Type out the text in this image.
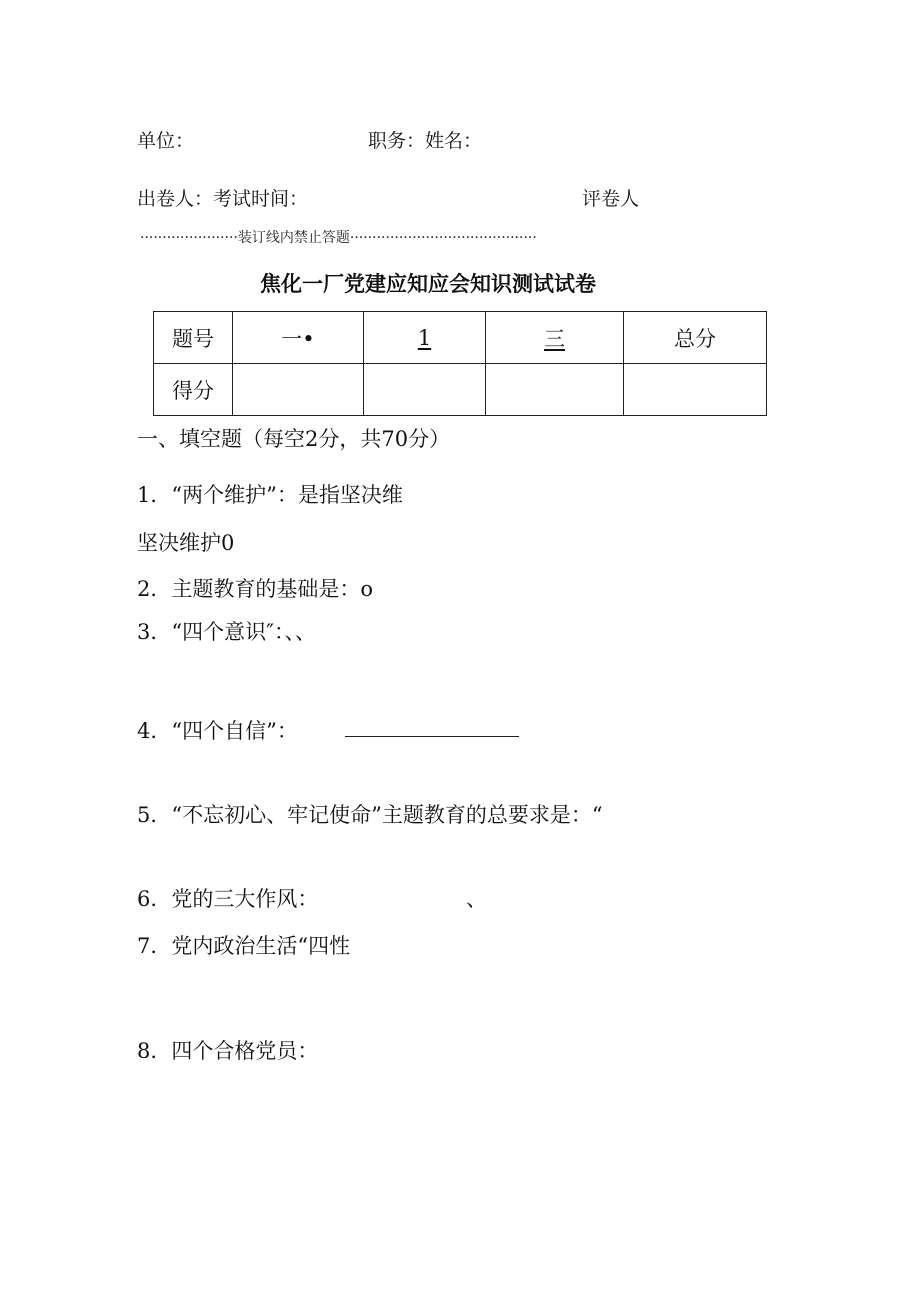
单位：	职务：姓名：
出卷人：考试时间：	评卷人
······················装订线内禁止答题··········································
焦化一厂党建应知应会知识测试试卷
题号	一•	1	三	总分
得分				
一、填空题（每空2分，共70分）
1．“两个维护”：是指坚决维
坚决维护0
2．主题教育的基础是：o
3．“四个意识″：、、
4．“四个自信”：
5．“不忘初心、牢记使命”主题教育的总要求是：“
6．党的三大作风：	、
7．党内政治生活“四性
8．四个合格党员：
